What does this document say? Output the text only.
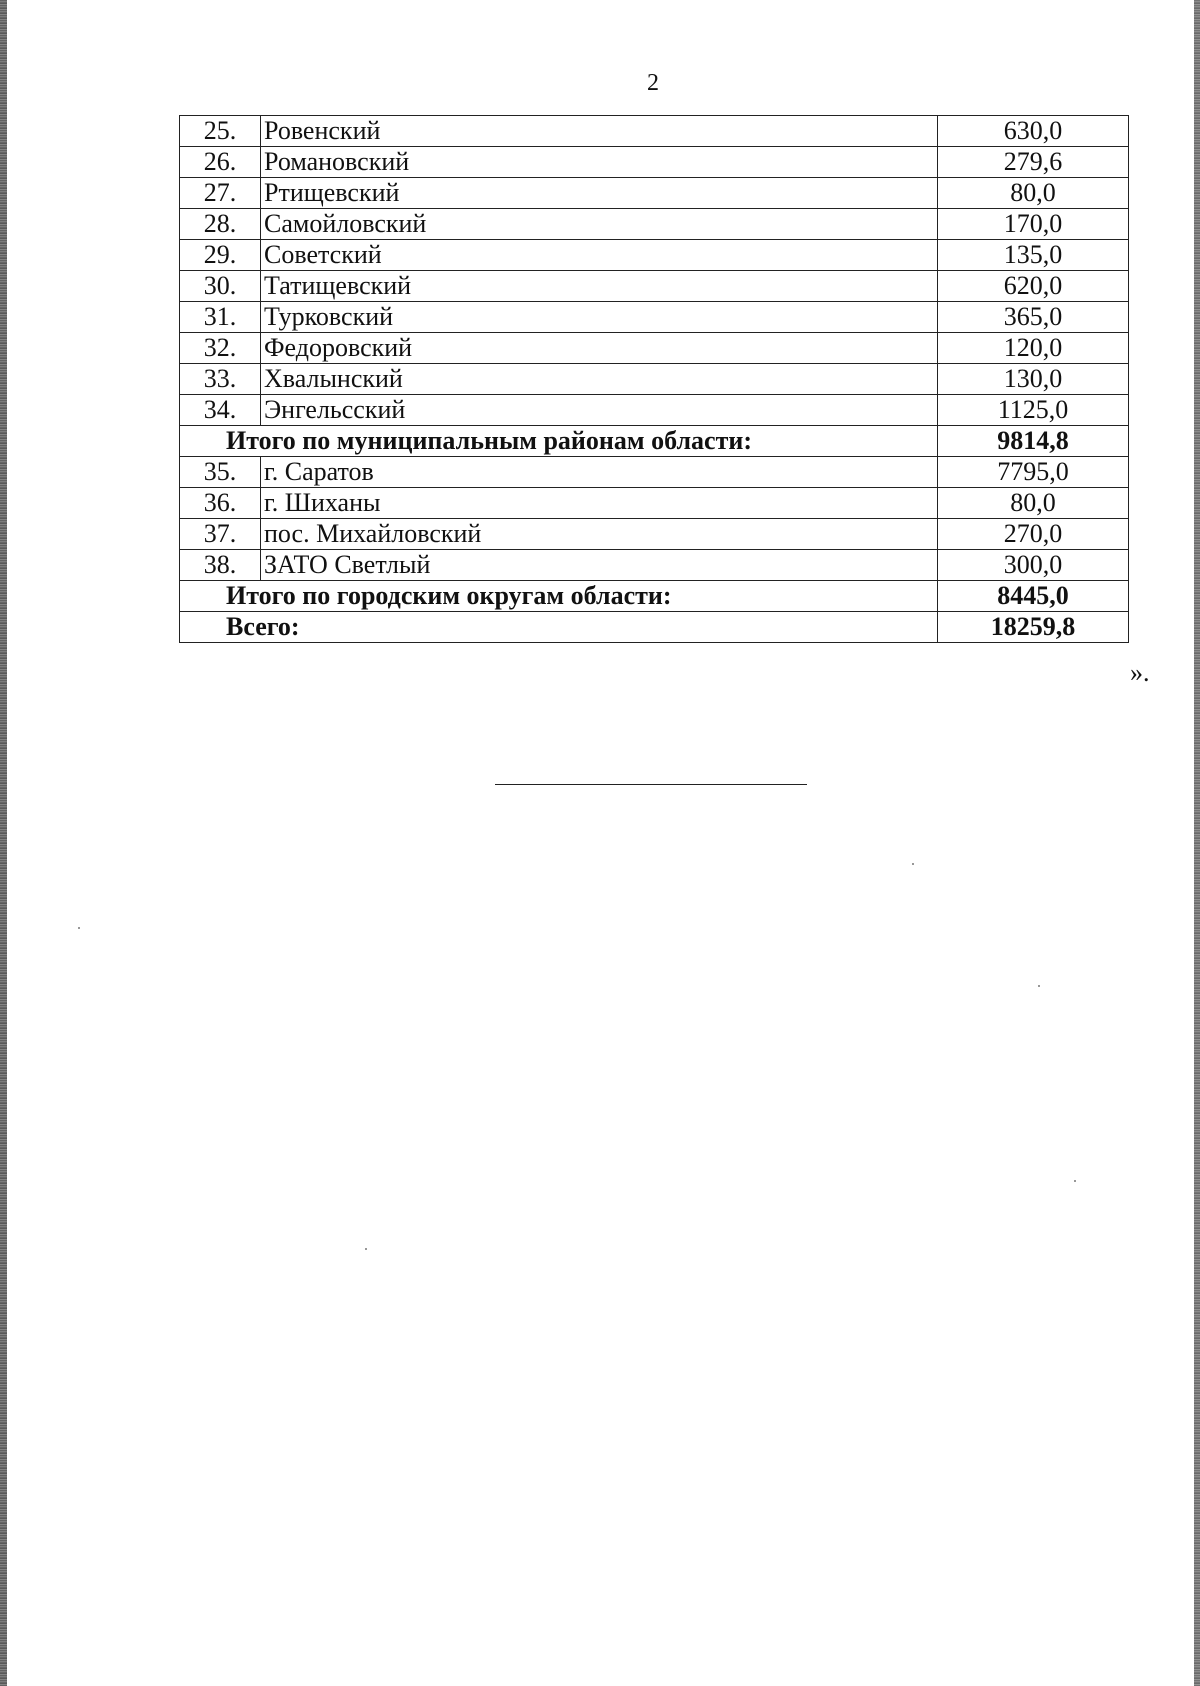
2
25.	Ровенский	630,0
26.	Романовский	279,6
27.	Ртищевский	80,0
28.	Самойловский	170,0
29.	Советский	135,0
30.	Татищевский	620,0
31.	Турковский	365,0
32.	Федоровский	120,0
33.	Хвалынский	130,0
34.	Энгельсский	1125,0
Итого по муниципальным районам области:		9814,8
35.	г. Саратов	7795,0
36.	г. Шиханы	80,0
37.	пос. Михайловский	270,0
38.	ЗАТО Светлый	300,0
Итого по городским округам области:		8445,0
Всего:		18259,8
».
